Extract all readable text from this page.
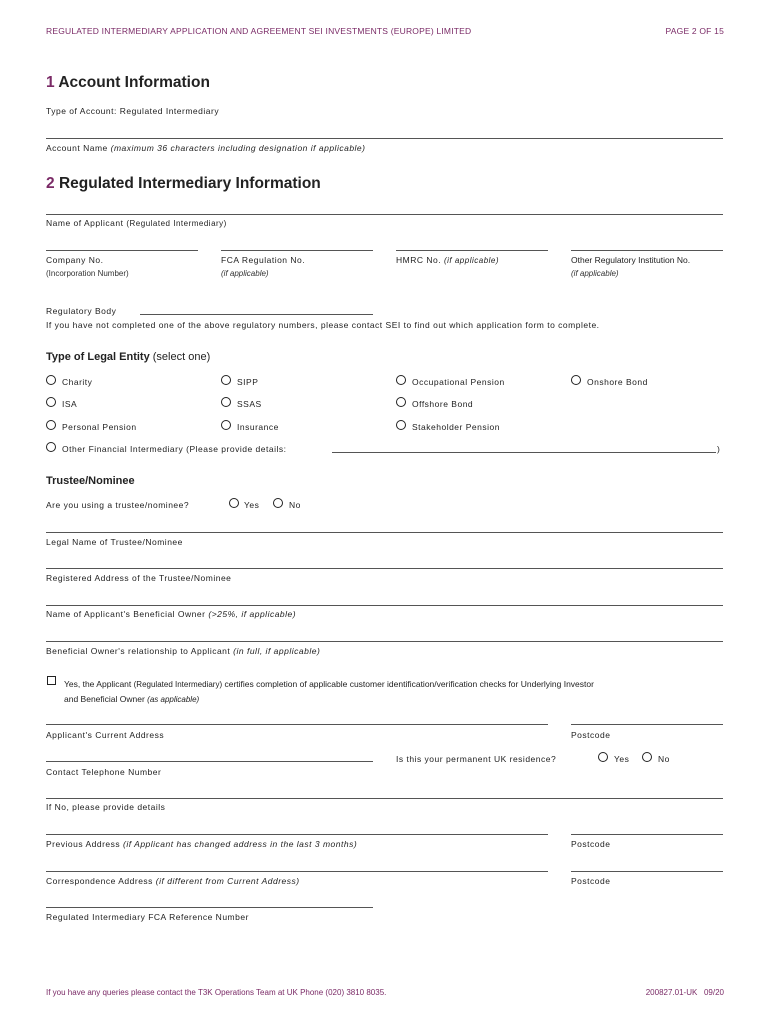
REGULATED INTERMEDIARY APPLICATION AND AGREEMENT SEI INVESTMENTS (EUROPE) LIMITED	PAGE 2 OF 15
1 Account Information
Type of Account: Regulated Intermediary
Account Name (maximum 36 characters including designation if applicable)
2 Regulated Intermediary Information
Name of Applicant (Regulated Intermediary)
Company No.
(Incorporation Number)
FCA Regulation No.
(if applicable)
HMRC No. (if applicable)	Other Regulatory Institution No.
(if applicable)
Regulatory Body
If you have not completed one of the above regulatory numbers, please contact SEI to find out which application form to complete.
Type of Legal Entity (select one)
Charity	SIPP	Occupational Pension	Onshore Bond
ISA	SSAS	Offshore Bond
Personal Pension	Insurance	Stakeholder Pension
Other Financial Intermediary (Please provide details:	)
Trustee/Nominee
Are you using a trustee/nominee?	Yes	No
Legal Name of Trustee/Nominee
Registered Address of the Trustee/Nominee
Name of Applicant's Beneficial Owner (>25%, if applicable)
Beneficial Owner's relationship to Applicant (in full, if applicable)
Yes, the Applicant (Regulated Intermediary) certifies completion of applicable customer identification/verification checks for Underlying Investor
and Beneficial Owner (as applicable)
Applicant's Current Address	Postcode
Contact Telephone Number
Is this your permanent UK residence?	Yes	No
If No, please provide details
Previous Address (if Applicant has changed address in the last 3 months)	Postcode
Correspondence Address (if different from Current Address)	Postcode
Regulated Intermediary FCA Reference Number
If you have any queries please contact the T3K Operations Team at UK Phone (020) 3810 8035.	200827.01-UK   09/20
